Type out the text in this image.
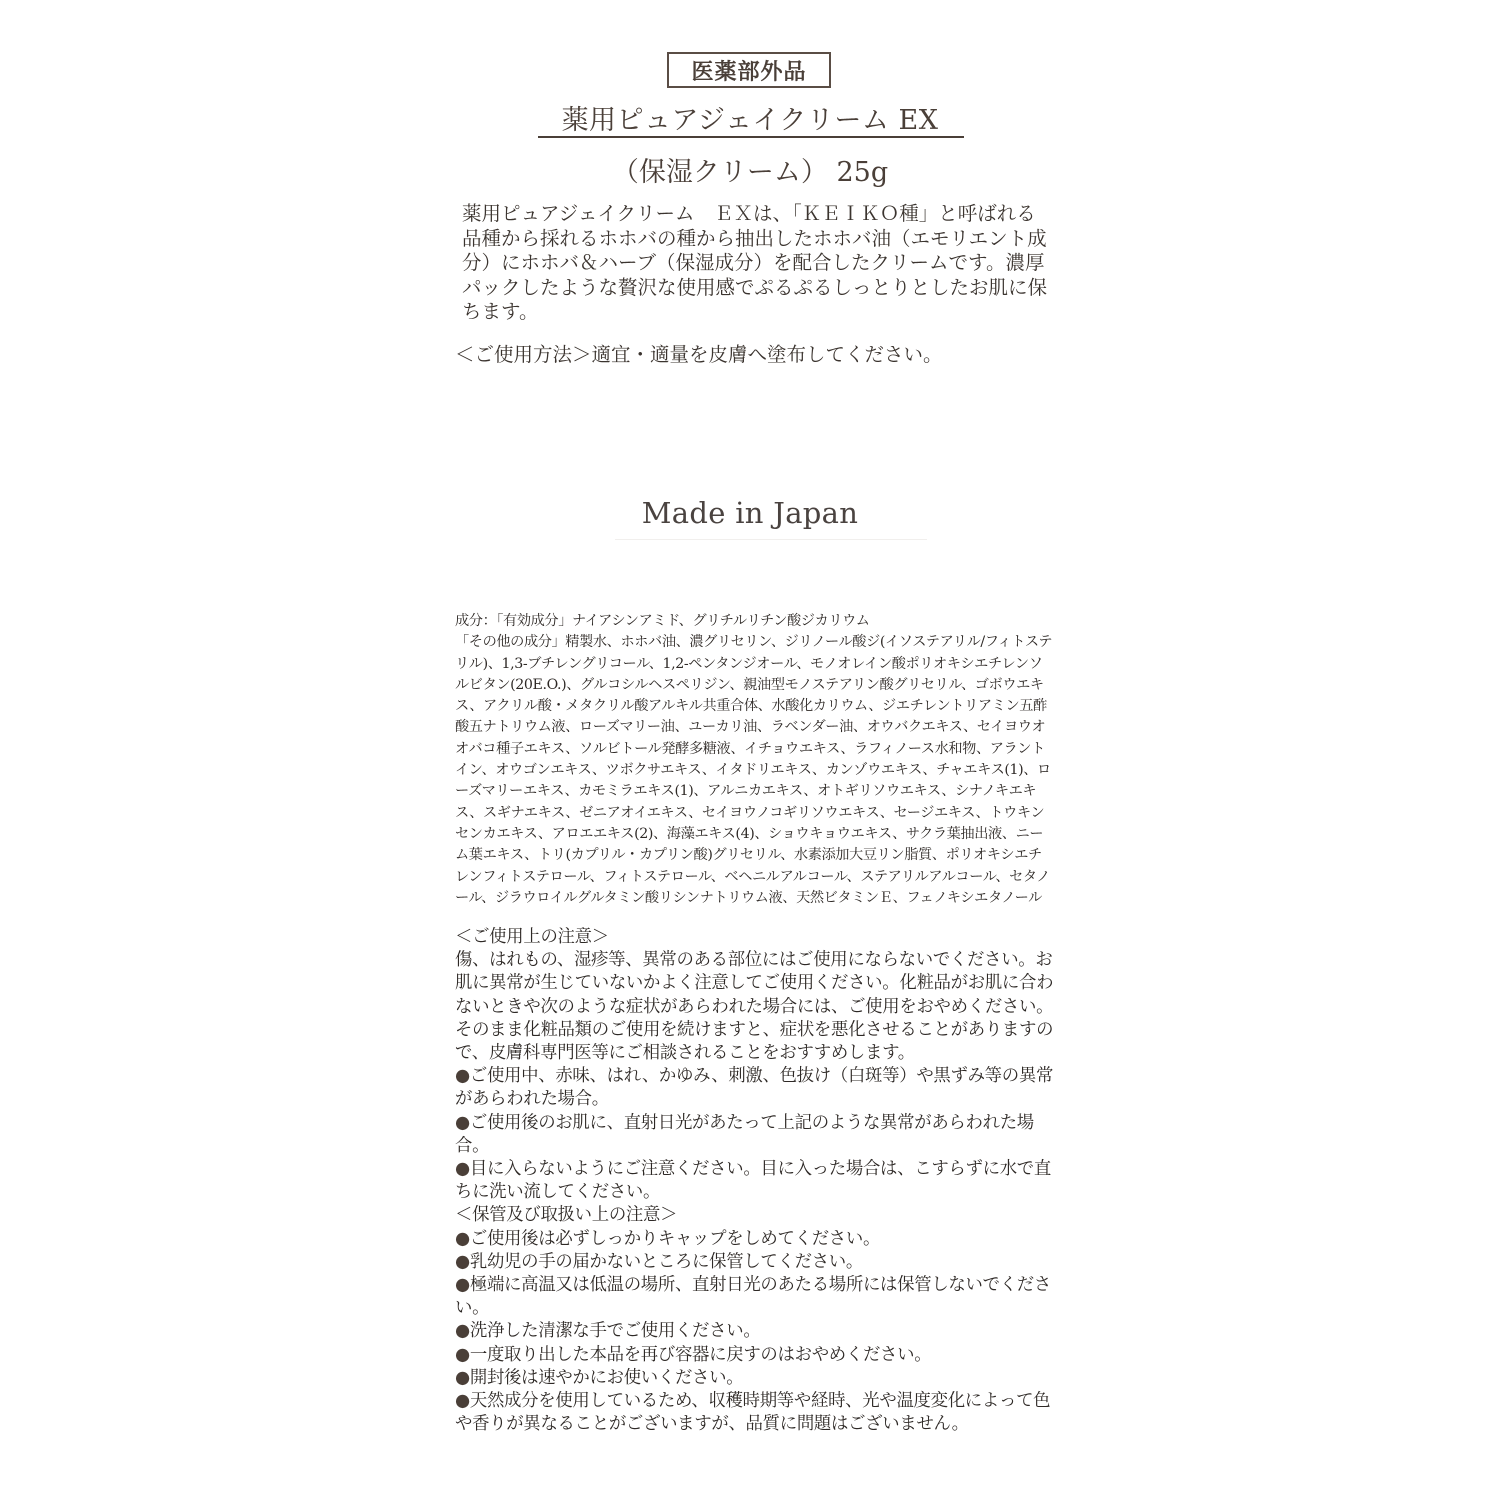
医薬部外品
薬用ピュアジェイクリーム EX
（保湿クリーム） 25g

薬用ピュアジェイクリーム　ＥＸは、「ＫＥＩＫＯ種」と呼ばれる品種から採れるホホバの種から抽出したホホバ油（エモリエント成分）にホホバ＆ハーブ（保湿成分）を配合したクリームです。濃厚パックしたような贅沢な使用感でぷるぷるしっとりとしたお肌に保ちます。

＜ご使用方法＞適宜・適量を皮膚へ塗布してください。

Made in Japan

成分：「有効成分」ナイアシンアミド、グリチルリチン酸ジカリウム

「その他の成分」精製水、ホホバ油、濃グリセリン、ジリノール酸ジ(イソステアリル/フィトステリル)、1,3-ブチレングリコール、1,2-ペンタンジオール、モノオレイン酸ポリオキシエチレンソルビタン(20E.O.)、グルコシルヘスペリジン、親油型モノステアリン酸グリセリル、ゴボウエキス、アクリル酸・メタクリル酸アルキル共重合体、水酸化カリウム、ジエチレントリアミン五酢酸五ナトリウム液、ローズマリー油、ユーカリ油、ラベンダー油、オウバクエキス、セイヨウオオバコ種子エキス、ソルビトール発酵多糖液、イチョウエキス、ラフィノース水和物、アラントイン、オウゴンエキス、ツボクサエキス、イタドリエキス、カンゾウエキス、チャエキス(1)、ローズマリーエキス、カモミラエキス(1)、アルニカエキス、オトギリソウエキス、シナノキエキス、スギナエキス、ゼニアオイエキス、セイヨウノコギリソウエキス、セージエキス、トウキンセンカエキス、アロエエキス(2)、海藻エキス(4)、ショウキョウエキス、サクラ葉抽出液、ニーム葉エキス、トリ(カプリル・カプリン酸)グリセリル、水素添加大豆リン脂質、ポリオキシエチレンフィトステロール、フィトステロール、ベヘニルアルコール、ステアリルアルコール、セタノール、ジラウロイルグルタミン酸リシンナトリウム液、天然ビタミンＥ、フェノキシエタノール

＜ご使用上の注意＞

傷、はれもの、湿疹等、異常のある部位にはご使用にならないでください。お肌に異常が生じていないかよく注意してご使用ください。化粧品がお肌に合わないときや次のような症状があらわれた場合には、ご使用をおやめください。そのまま化粧品類のご使用を続けますと、症状を悪化させることがありますので、皮膚科専門医等にご相談されることをおすすめします。

●ご使用中、赤味、はれ、かゆみ、刺激、色抜け（白斑等）や黒ずみ等の異常があらわれた場合。

●ご使用後のお肌に、直射日光があたって上記のような異常があらわれた場合。

●目に入らないようにご注意ください。目に入った場合は、こすらずに水で直ちに洗い流してください。

＜保管及び取扱い上の注意＞

●ご使用後は必ずしっかりキャップをしめてください。

●乳幼児の手の届かないところに保管してください。

●極端に高温又は低温の場所、直射日光のあたる場所には保管しないでください。

●洗浄した清潔な手でご使用ください。

●一度取り出した本品を再び容器に戻すのはおやめください。

●開封後は速やかにお使いください。

●天然成分を使用しているため、収穫時期等や経時、光や温度変化によって色や香りが異なることがございますが、品質に問題はございません。
